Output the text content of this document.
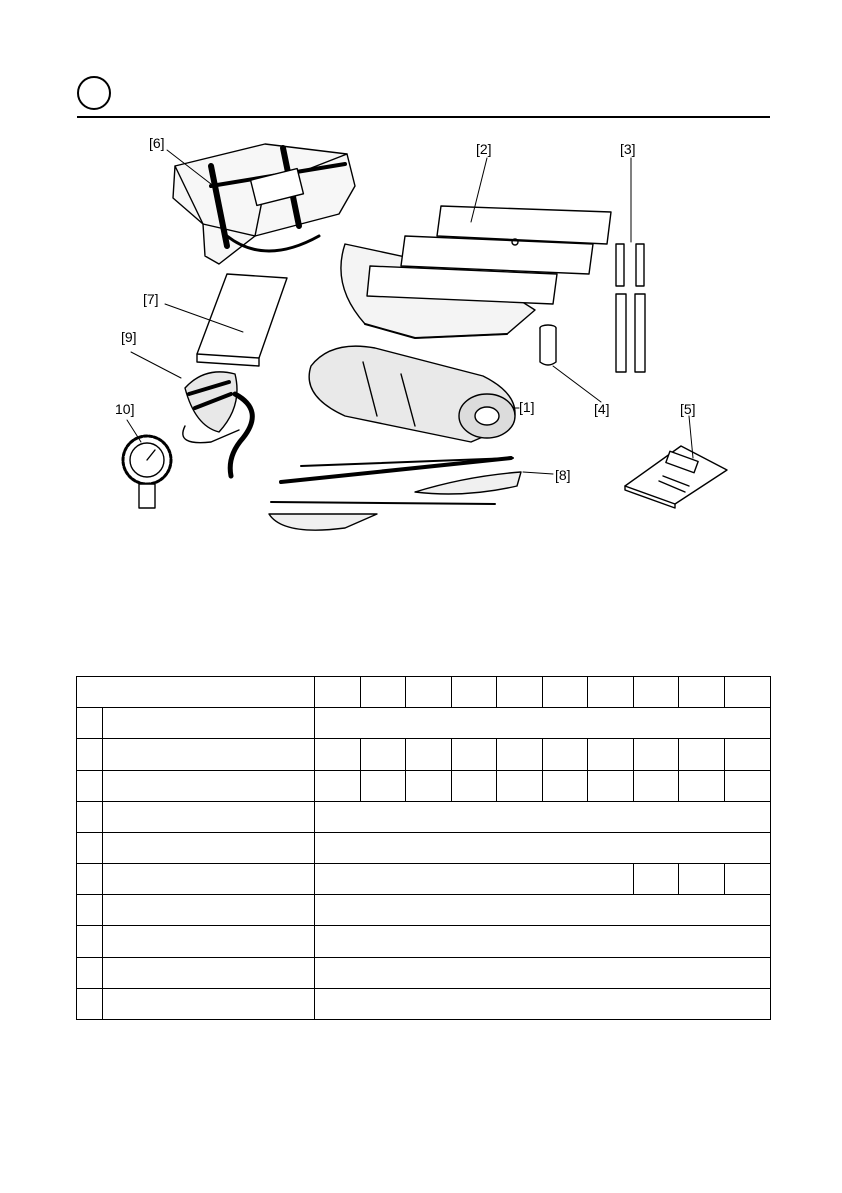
[1]
[2]	[3]
[4]	[5]
[6]
[7]
[8]
[9]
10]
